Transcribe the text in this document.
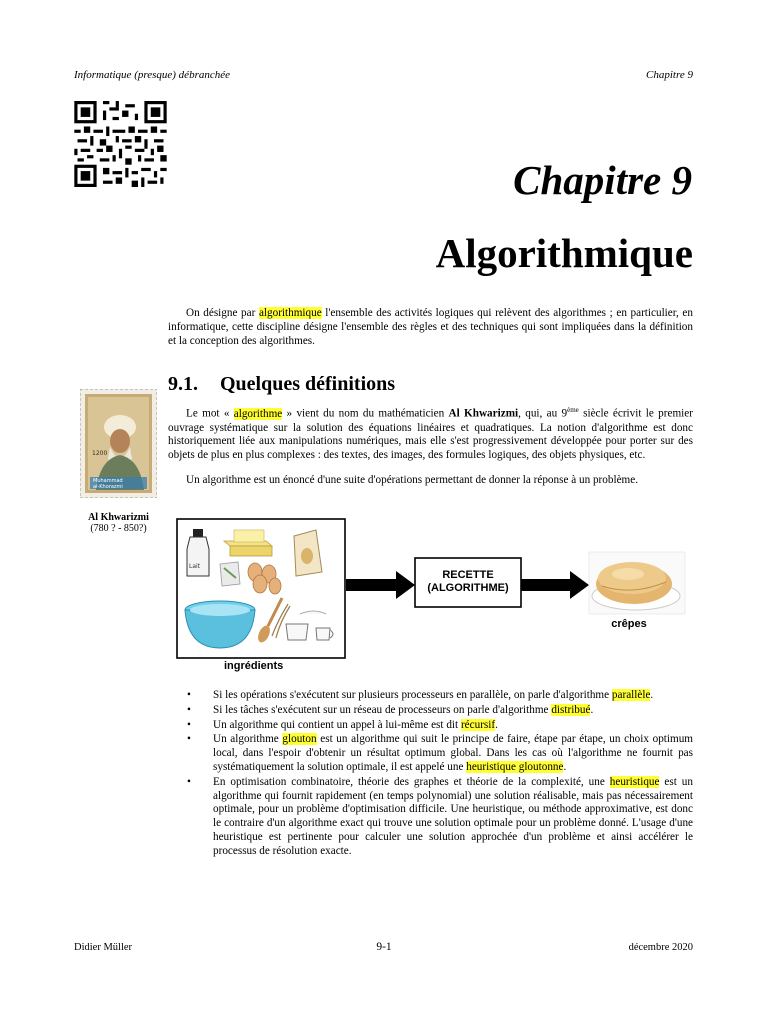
Informatique (presque) débranchée	Chapitre 9
Chapitre 9
Algorithmique

On désigne par algorithmique l'ensemble des activités logiques qui relèvent des algorithmes ; en particulier, en informatique, cette discipline désigne l'ensemble des règles et des techniques qui sont impliquées dans la définition et la conception des algorithmes.

9.1. Quelques définitions
1200
Muhammad
al-Khorazmi
Al Khwarizmi
(780 ? - 850?)

Le mot « algorithme » vient du nom du mathématicien Al Khwarizmi, qui, au 9ème siècle écrivit le premier ouvrage systématique sur la solution des équations linéaires et quadratiques. La notion d'algorithme est donc historiquement liée aux manipulations numériques, mais elle s'est progressivement développée pour porter sur des objets de plus en plus complexes : des textes, des images, des formules logiques, des objets physiques, etc.

Un algorithme est un énoncé d'une suite d'opérations permettant de donner la réponse à un problème.

Lait
ingrédients
RECETTE
(ALGORITHME)
crêpes
• Si les opérations s'exécutent sur plusieurs processeurs en parallèle, on parle d'algorithme parallèle.
• Si les tâches s'exécutent sur un réseau de processeurs on parle d'algorithme distribué.
• Un algorithme qui contient un appel à lui-même est dit récursif.
• Un algorithme glouton est un algorithme qui suit le principe de faire, étape par étape, un choix optimum local, dans l'espoir d'obtenir un résultat optimum global. Dans les cas où l'algorithme ne fournit pas systématiquement la solution optimale, il est appelé une heuristique gloutonne.
• En optimisation combinatoire, théorie des graphes et théorie de la complexité, une heuristique est un algorithme qui fournit rapidement (en temps polynomial) une solution réalisable, mais pas nécessairement optimale, pour un problème d'optimisation difficile. Une heuristique, ou méthode approximative, est donc le contraire d'un algorithme exact qui trouve une solution optimale pour un problème donné. L'usage d'une heuristique est pertinente pour calculer une solution approchée d'un problème et ainsi accélérer le processus de résolution exacte.
Didier Müller	9-1	décembre 2020
